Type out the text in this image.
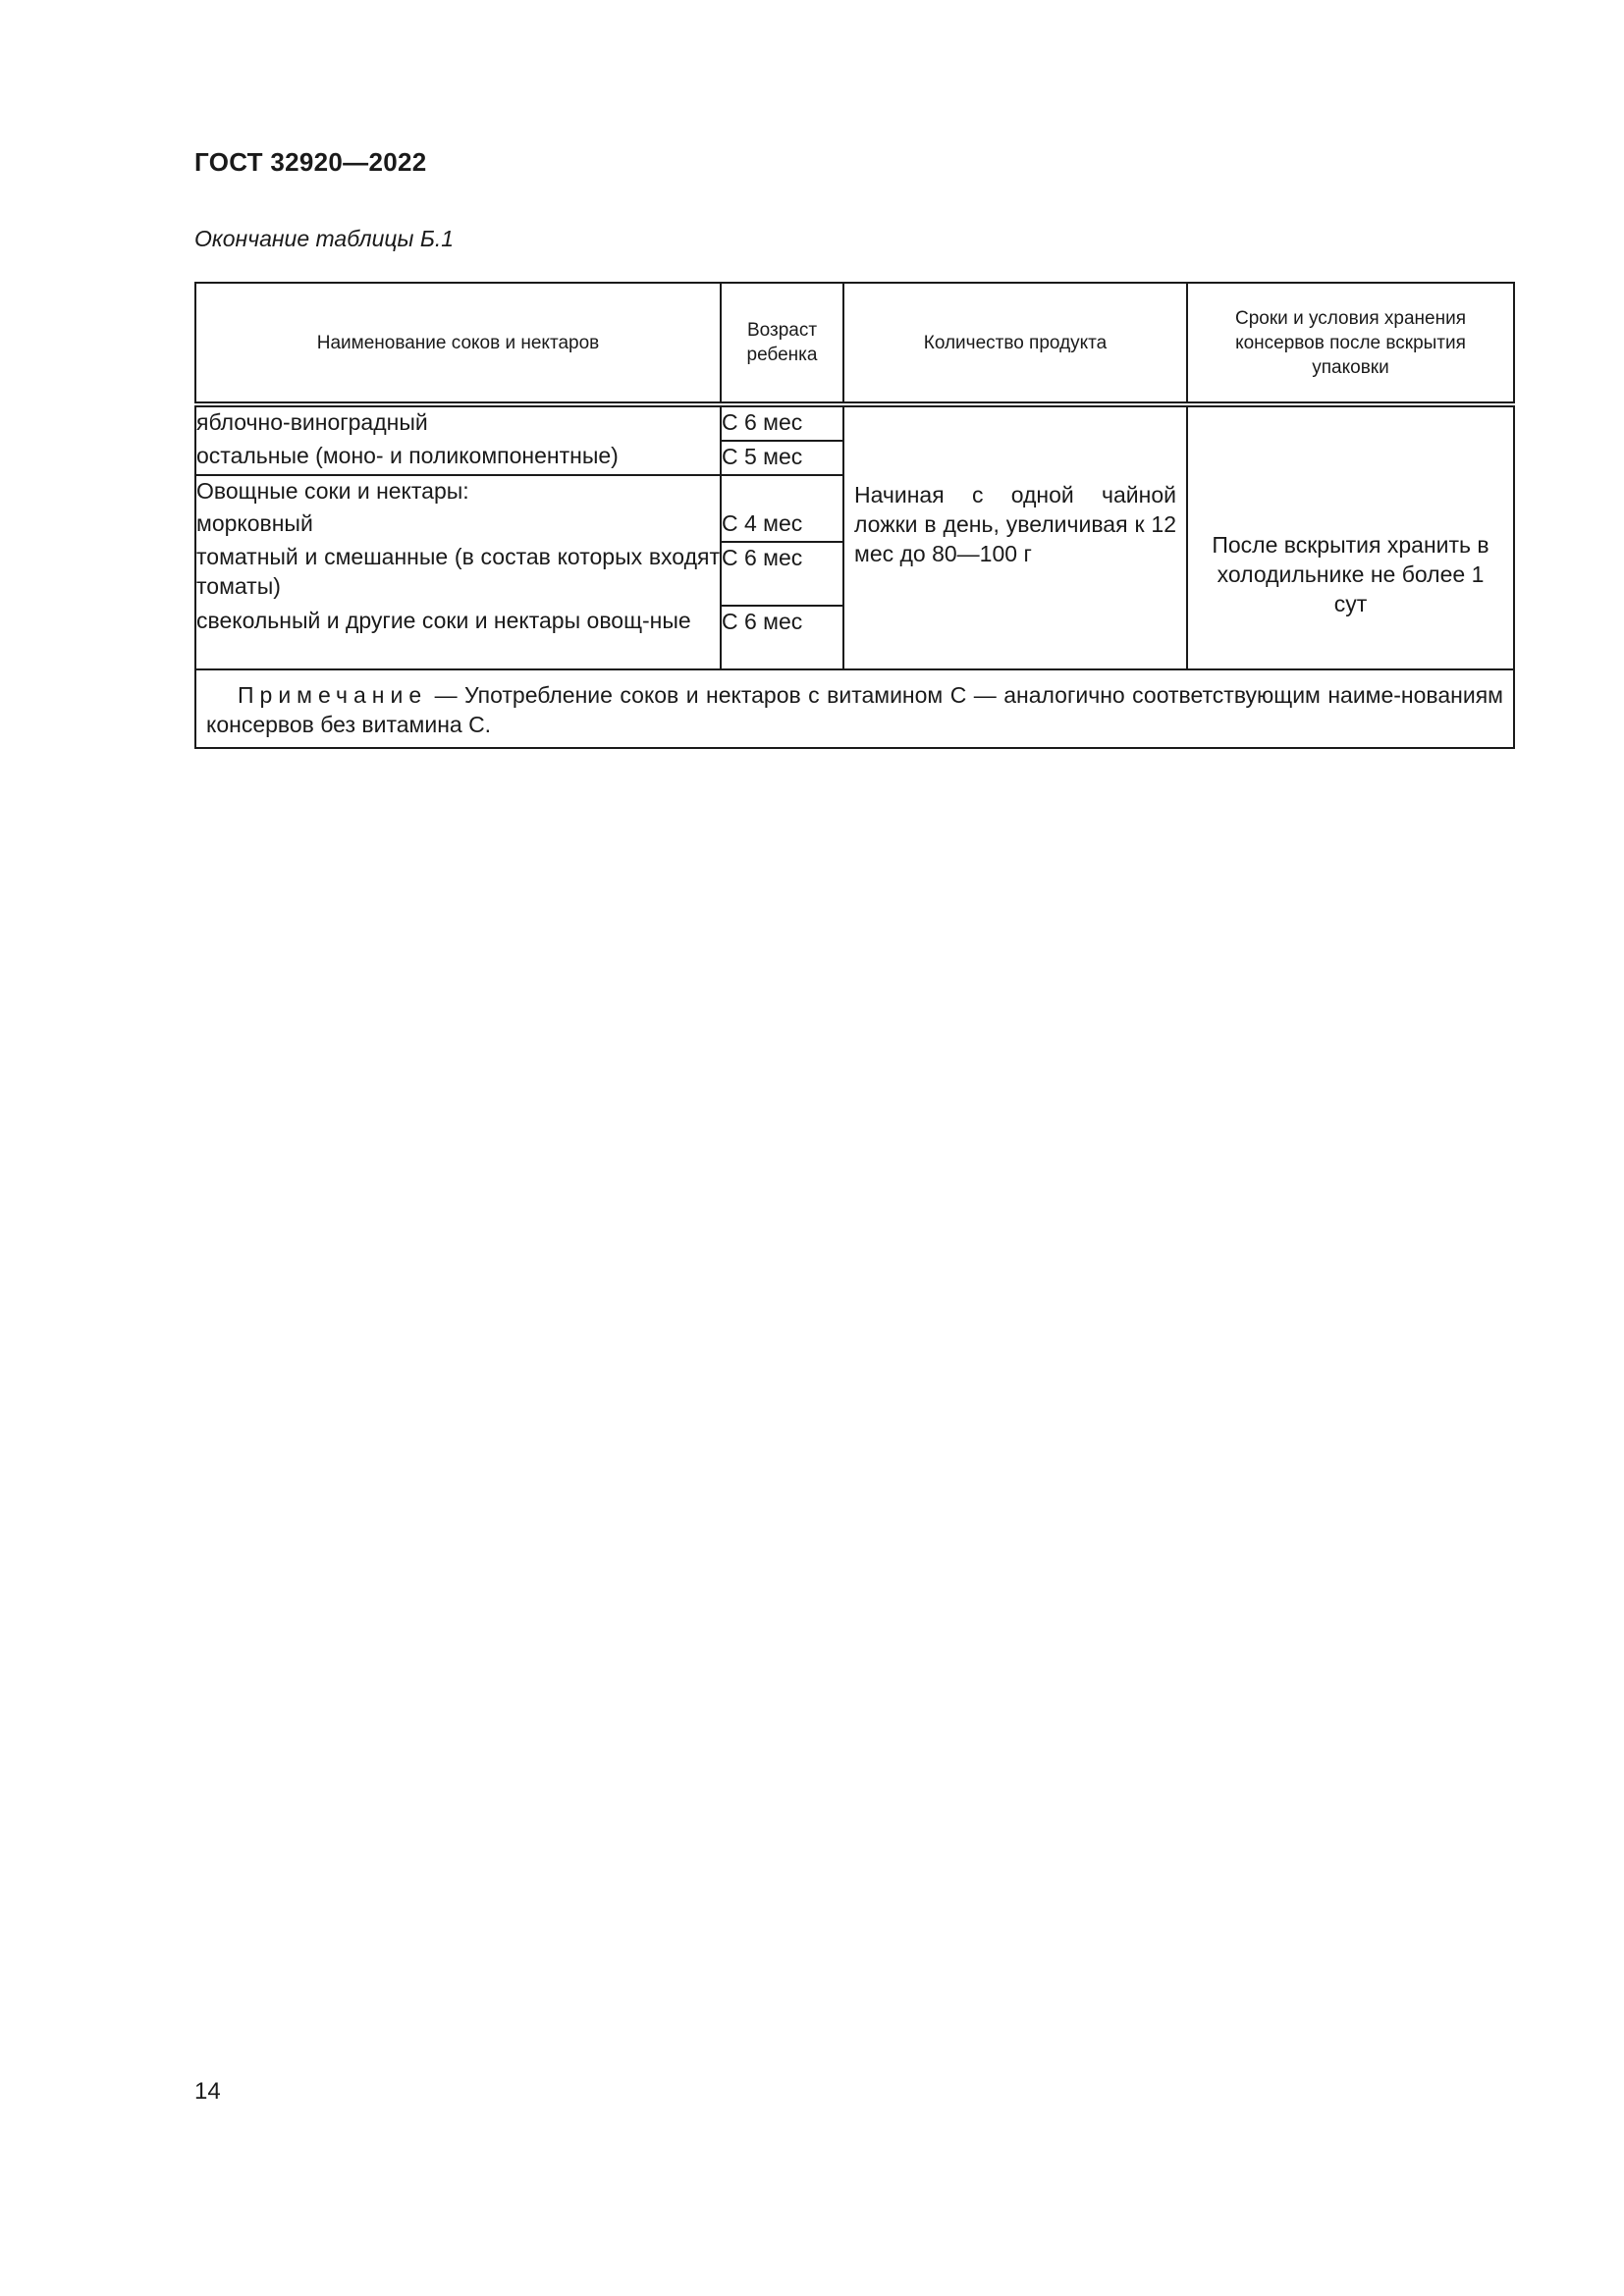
ГОСТ 32920—2022
Окончание таблицы Б.1
Наименование соков и нектаров	Возраст ребенка	Количество продукта	Сроки и условия хранения консервов после вскрытия упаковки
яблочно-виноградный	С 6 мес	Начиная с одной чайной ложки в день, увеличивая к 12 мес до 80—100 г	После вскрытия хранить в холодильнике не более 1 сут
остальные (моно- и поликомпонентные)	С 5 мес		
Овощные соки и нектары:			
морковный	С 4 мес		
томатный и смешанные (в состав которых входят томаты)	С 6 мес		
свекольный и другие соки и нектары овощ-ные	С 6 мес		
Примечание — Употребление соков и нектаров с витамином С — аналогично соответствующим наиме-нованиям консервов без витамина С.			
14
